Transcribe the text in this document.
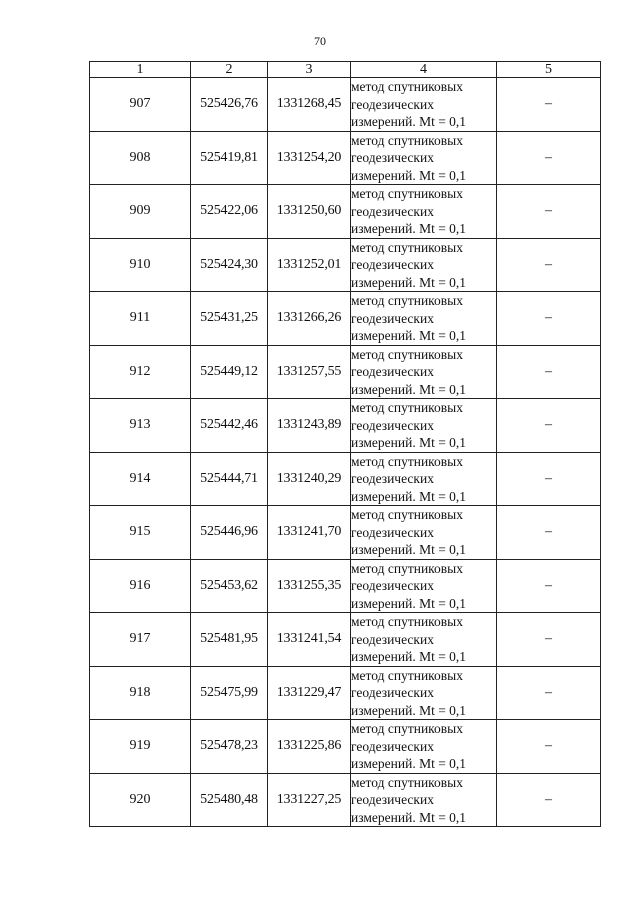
70
1	2	3	4	5
907	525426,76	1331268,45	метод спутниковых
геодезических
измерений. Mt = 0,1	–
908	525419,81	1331254,20	метод спутниковых
геодезических
измерений. Mt = 0,1	–
909	525422,06	1331250,60	метод спутниковых
геодезических
измерений. Mt = 0,1	–
910	525424,30	1331252,01	метод спутниковых
геодезических
измерений. Mt = 0,1	–
911	525431,25	1331266,26	метод спутниковых
геодезических
измерений. Mt = 0,1	–
912	525449,12	1331257,55	метод спутниковых
геодезических
измерений. Mt = 0,1	–
913	525442,46	1331243,89	метод спутниковых
геодезических
измерений. Mt = 0,1	–
914	525444,71	1331240,29	метод спутниковых
геодезических
измерений. Mt = 0,1	–
915	525446,96	1331241,70	метод спутниковых
геодезических
измерений. Mt = 0,1	–
916	525453,62	1331255,35	метод спутниковых
геодезических
измерений. Mt = 0,1	–
917	525481,95	1331241,54	метод спутниковых
геодезических
измерений. Mt = 0,1	–
918	525475,99	1331229,47	метод спутниковых
геодезических
измерений. Mt = 0,1	–
919	525478,23	1331225,86	метод спутниковых
геодезических
измерений. Mt = 0,1	–
920	525480,48	1331227,25	метод спутниковых
геодезических
измерений. Mt = 0,1	–
